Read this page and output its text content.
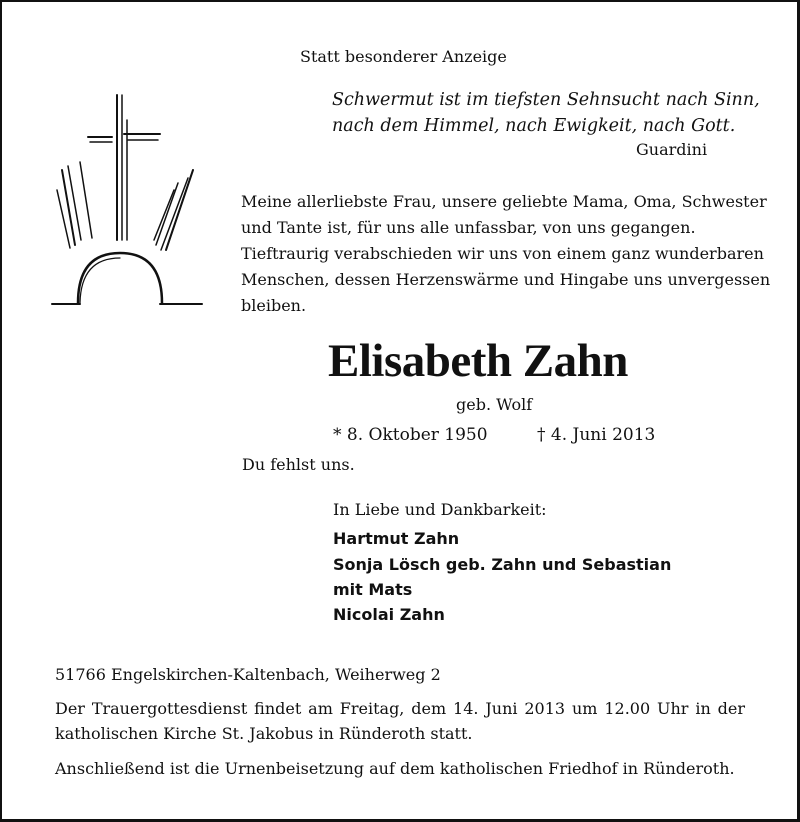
Statt besonderer Anzeige
Schwermut ist im tiefsten Sehnsucht nach Sinn,
nach dem Himmel, nach Ewigkeit, nach Gott.
Guardini
Meine allerliebste Frau, unsere geliebte Mama, Oma, Schwester
und Tante ist, für uns alle unfassbar, von uns gegangen.
Tieftraurig verabschieden wir uns von einem ganz wunderbaren
Menschen, dessen Herzenswärme und Hingabe uns unvergessen
bleiben.
Elisabeth Zahn
geb. Wolf
* 8. Oktober 1950	† 4. Juni 2013
Du fehlst uns.
In Liebe und Dankbarkeit:
Hartmut Zahn
Sonja Lösch geb. Zahn und Sebastian
mit Mats
Nicolai Zahn
51766 Engelskirchen-Kaltenbach, Weiherweg 2
Der Trauergottesdienst findet am Freitag, dem 14. Juni 2013 um 12.00 Uhr in der
katholischen Kirche St. Jakobus in Ründeroth statt.
Anschließend ist die Urnenbeisetzung auf dem katholischen Friedhof in Ründeroth.
